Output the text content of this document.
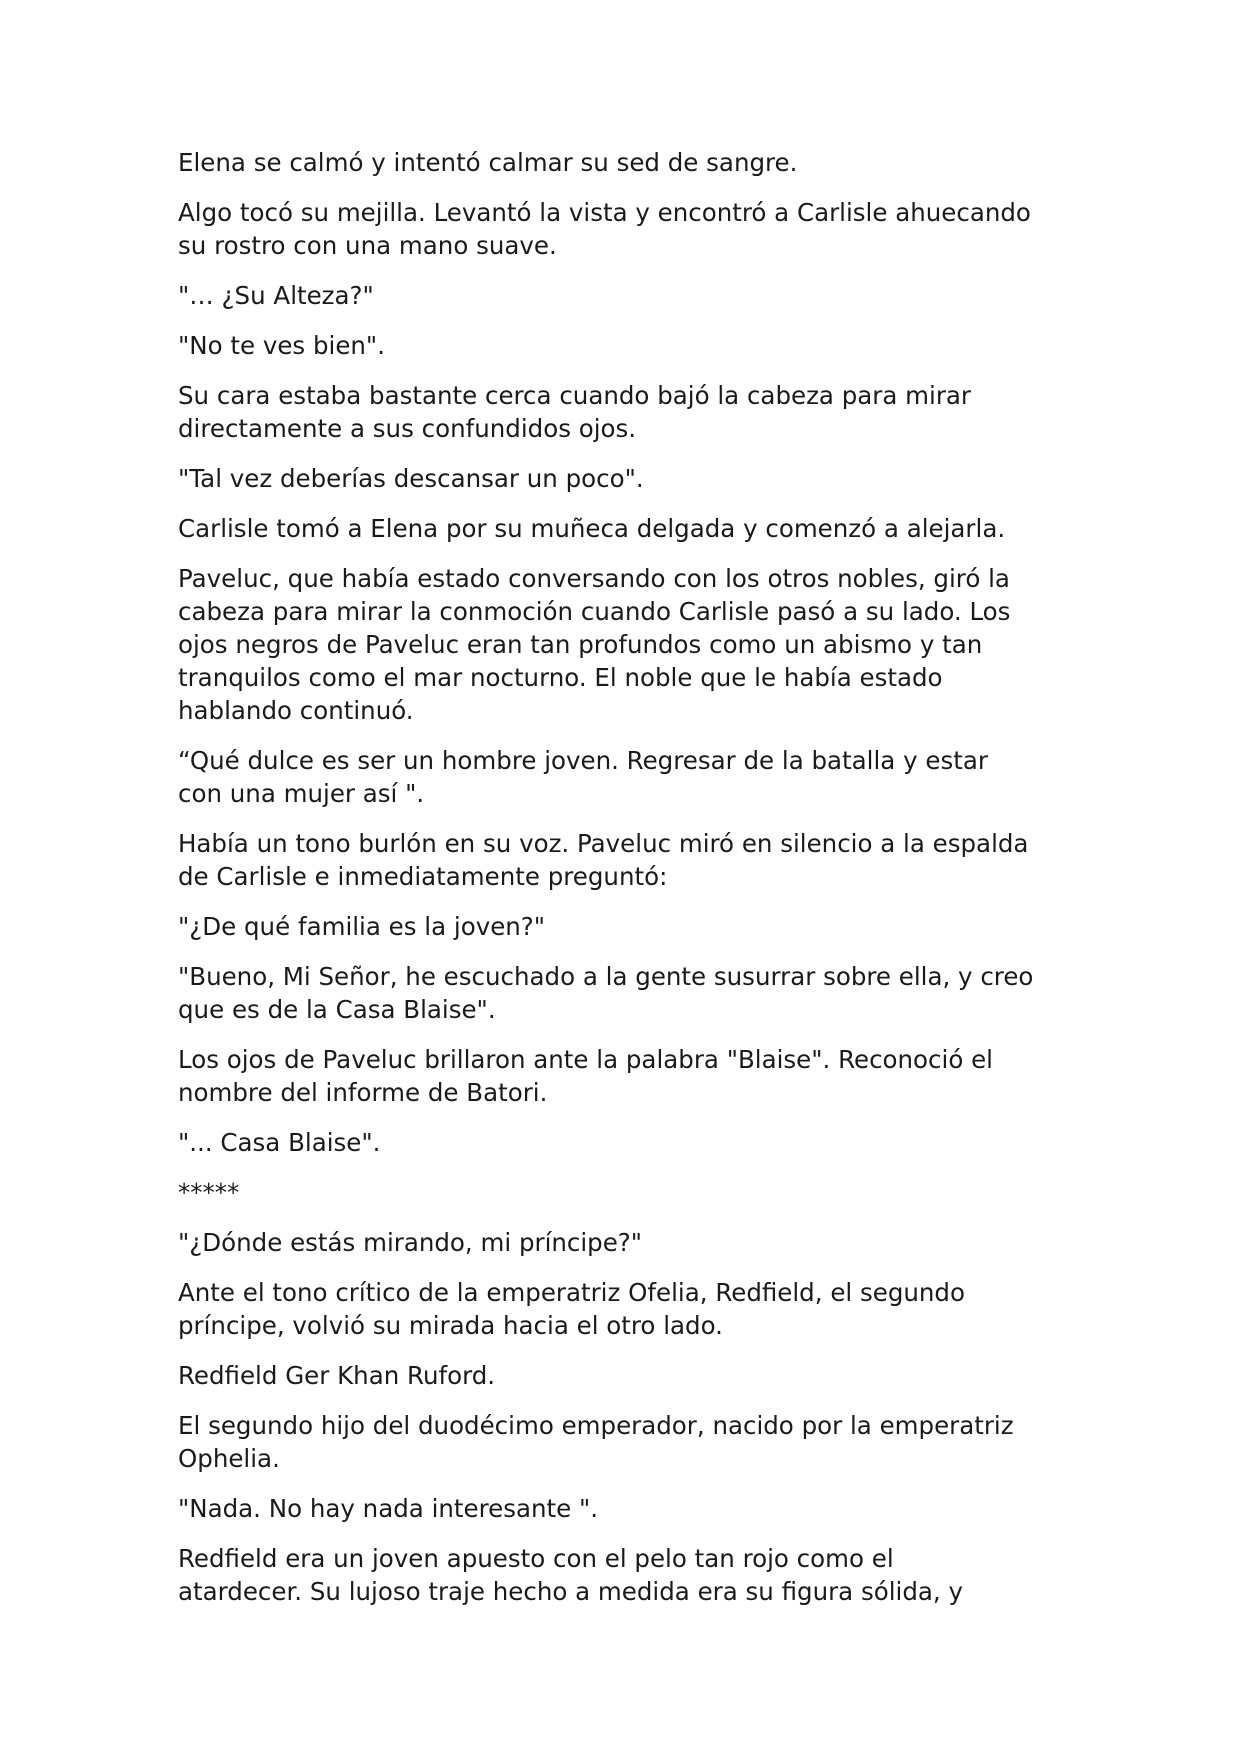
Elena se calmó y intentó calmar su sed de sangre.

Algo tocó su mejilla. Levantó la vista y encontró a Carlisle ahuecando
su rostro con una mano suave.

"… ¿Su Alteza?"

"No te ves bien".

Su cara estaba bastante cerca cuando bajó la cabeza para mirar
directamente a sus confundidos ojos.

"Tal vez deberías descansar un poco".

Carlisle tomó a Elena por su muñeca delgada y comenzó a alejarla.

Paveluc, que había estado conversando con los otros nobles, giró la
cabeza para mirar la conmoción cuando Carlisle pasó a su lado. Los
ojos negros de Paveluc eran tan profundos como un abismo y tan
tranquilos como el mar nocturno. El noble que le había estado
hablando continuó.

“Qué dulce es ser un hombre joven. Regresar de la batalla y estar
con una mujer así ".

Había un tono burlón en su voz. Paveluc miró en silencio a la espalda
de Carlisle e inmediatamente preguntó:

"¿De qué familia es la joven?"

"Bueno, Mi Señor, he escuchado a la gente susurrar sobre ella, y creo
que es de la Casa Blaise".

Los ojos de Paveluc brillaron ante la palabra "Blaise". Reconoció el
nombre del informe de Batori.

"... Casa Blaise".

*****

"¿Dónde estás mirando, mi príncipe?"

Ante el tono crítico de la emperatriz Ofelia, Redfield, el segundo
príncipe, volvió su mirada hacia el otro lado.

Redfield Ger Khan Ruford.

El segundo hijo del duodécimo emperador, nacido por la emperatriz
Ophelia.

"Nada. No hay nada interesante ".

Redfield era un joven apuesto con el pelo tan rojo como el
atardecer. Su lujoso traje hecho a medida era su figura sólida, y
